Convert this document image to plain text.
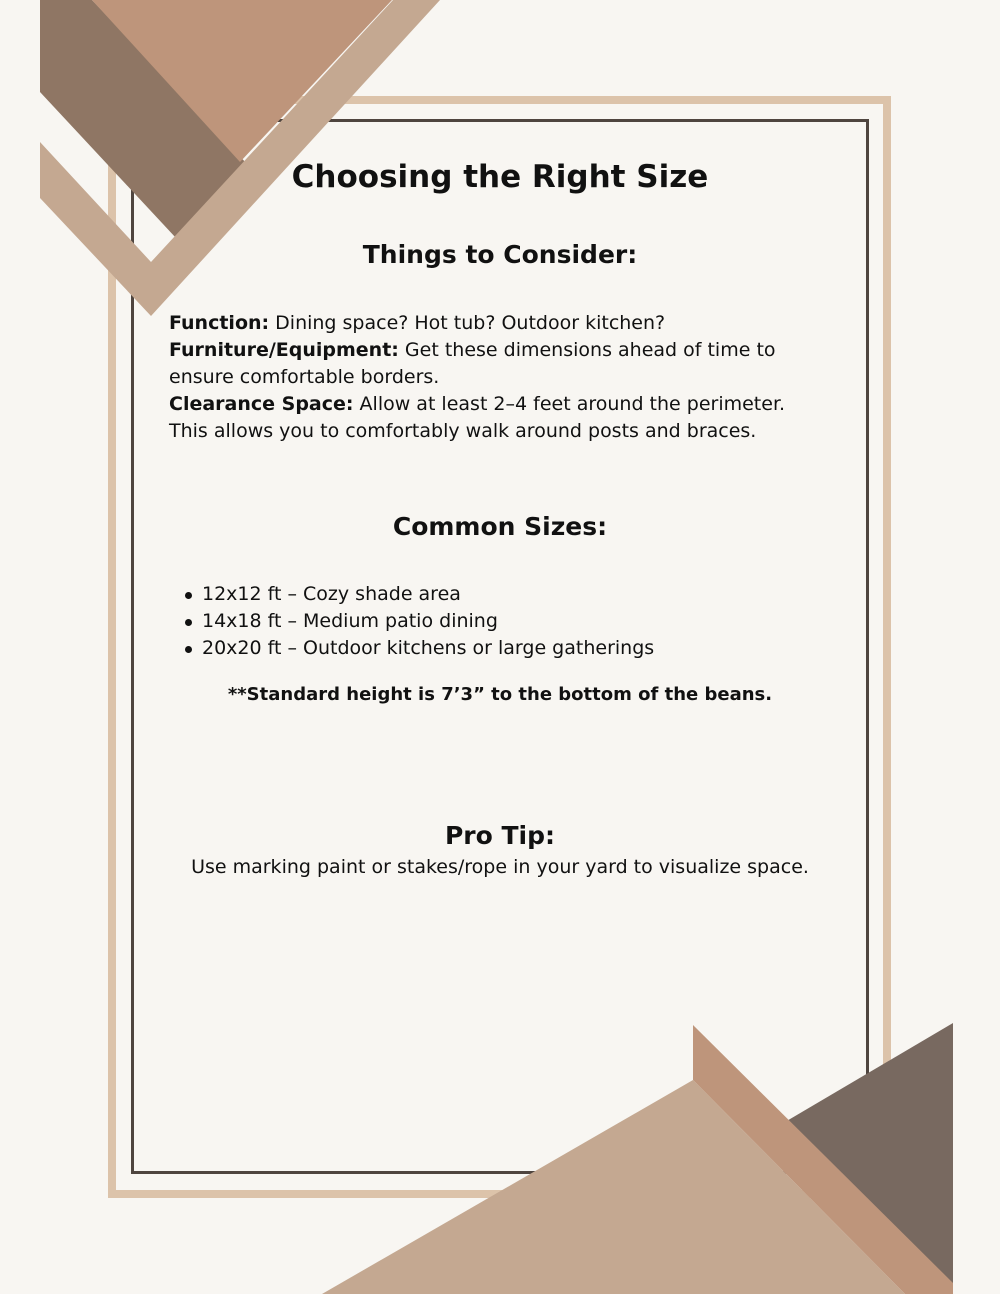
Choosing the Right Size
Things to Consider:

Function: Dining space? Hot tub? Outdoor kitchen?

Furniture/Equipment: Get these dimensions ahead of time to ensure comfortable borders.

Clearance Space: Allow at least 2–4 feet around the perimeter. This allows you to comfortably walk around posts and braces.

Common Sizes:
12x12 ft – Cozy shade area
14x18 ft – Medium patio dining
20x20 ft – Outdoor kitchens or large gatherings
**Standard height is 7’3” to the bottom of the beans.
Pro Tip:
Use marking paint or stakes/rope in your yard to visualize space.
